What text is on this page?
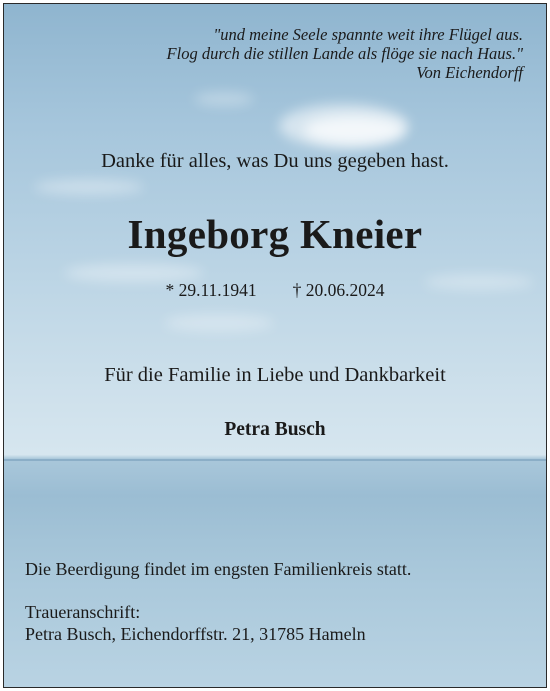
"und meine Seele spannte weit ihre Flügel aus.
Flog durch die stillen Lande als flöge sie nach Haus."
Von Eichendorff
Danke für alles, was Du uns gegeben hast.
Ingeborg Kneier
* 29.11.1941 † 20.06.2024
Für die Familie in Liebe und Dankbarkeit
Petra Busch
Die Beerdigung findet im engsten Familienkreis statt.
Traueranschrift:
Petra Busch, Eichendorffstr. 21, 31785 Hameln
